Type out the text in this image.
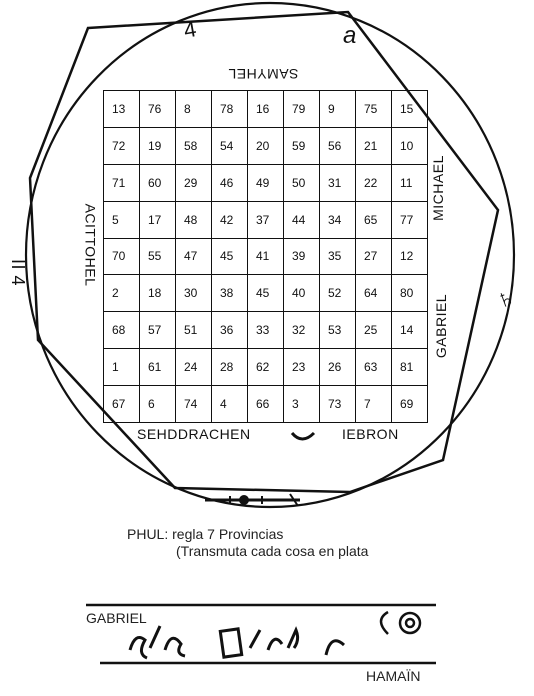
SAMYHEL
ACITTOHEL
MICHAEL
GABRIEL
SEHDDRACHEN	IEBRON
4	a
II 4
♄
13	76	8	78	16	79	9	75	15
72	19	58	54	20	59	56	21	10
71	60	29	46	49	50	31	22	11
5	17	48	42	37	44	34	65	77
70	55	47	45	41	39	35	27	12
2	18	30	38	45	40	52	64	80
68	57	51	36	33	32	53	25	14
1	61	24	28	62	23	26	63	81
67	6	74	4	66	3	73	7	69
PHUL: regla 7 Provincias
(Transmuta cada cosa en plata
GABRIEL
HAMAÏN
